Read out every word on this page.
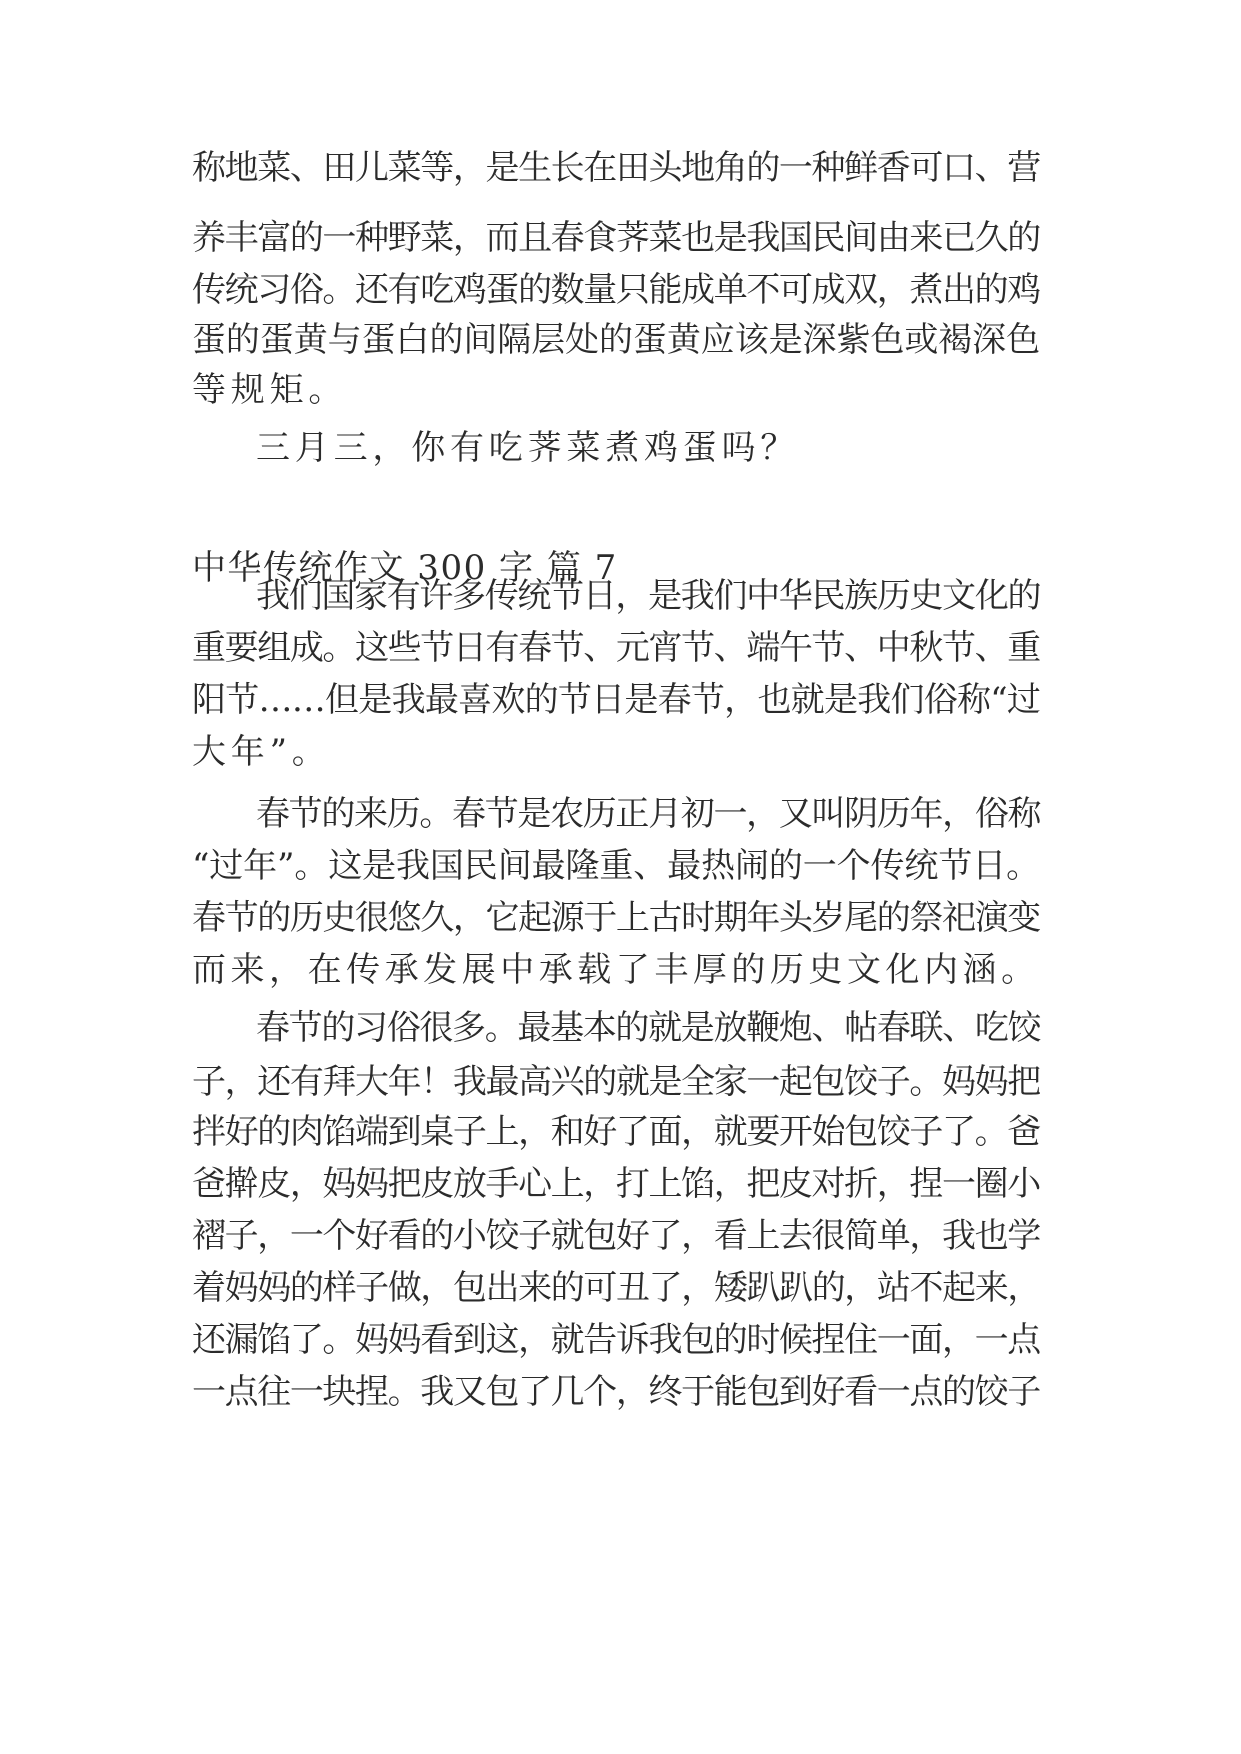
称地菜、田儿菜等，是生长在田头地角的一种鲜香可口、营
养丰富的一种野菜，而且春食荠菜也是我国民间由来已久的
传统习俗。还有吃鸡蛋的数量只能成单不可成双，煮出的鸡
蛋的蛋黄与蛋白的间隔层处的蛋黄应该是深紫色或褐深色
等规矩。
三月三，你有吃荠菜煮鸡蛋吗？
中华传统作文 300 字 篇 7
我们国家有许多传统节日，是我们中华民族历史文化的
重要组成。这些节日有春节、元宵节、端午节、中秋节、重
阳节……但是我最喜欢的节日是春节，也就是我们俗称“过
大年”。
春节的来历。春节是农历正月初一，又叫阴历年，俗称
“过年”。这是我国民间最隆重、最热闹的一个传统节日。
春节的历史很悠久，它起源于上古时期年头岁尾的祭祀演变
而来，在传承发展中承载了丰厚的历史文化内涵。
春节的习俗很多。最基本的就是放鞭炮、帖春联、吃饺
子，还有拜大年！我最高兴的就是全家一起包饺子。妈妈把
拌好的肉馅端到桌子上，和好了面，就要开始包饺子了。爸
爸擀皮，妈妈把皮放手心上，打上馅，把皮对折，捏一圈小
褶子，一个好看的小饺子就包好了，看上去很简单，我也学
着妈妈的样子做，包出来的可丑了，矮趴趴的，站不起来，
还漏馅了。妈妈看到这，就告诉我包的时候捏住一面，一点
一点往一块捏。我又包了几个，终于能包到好看一点的饺子
